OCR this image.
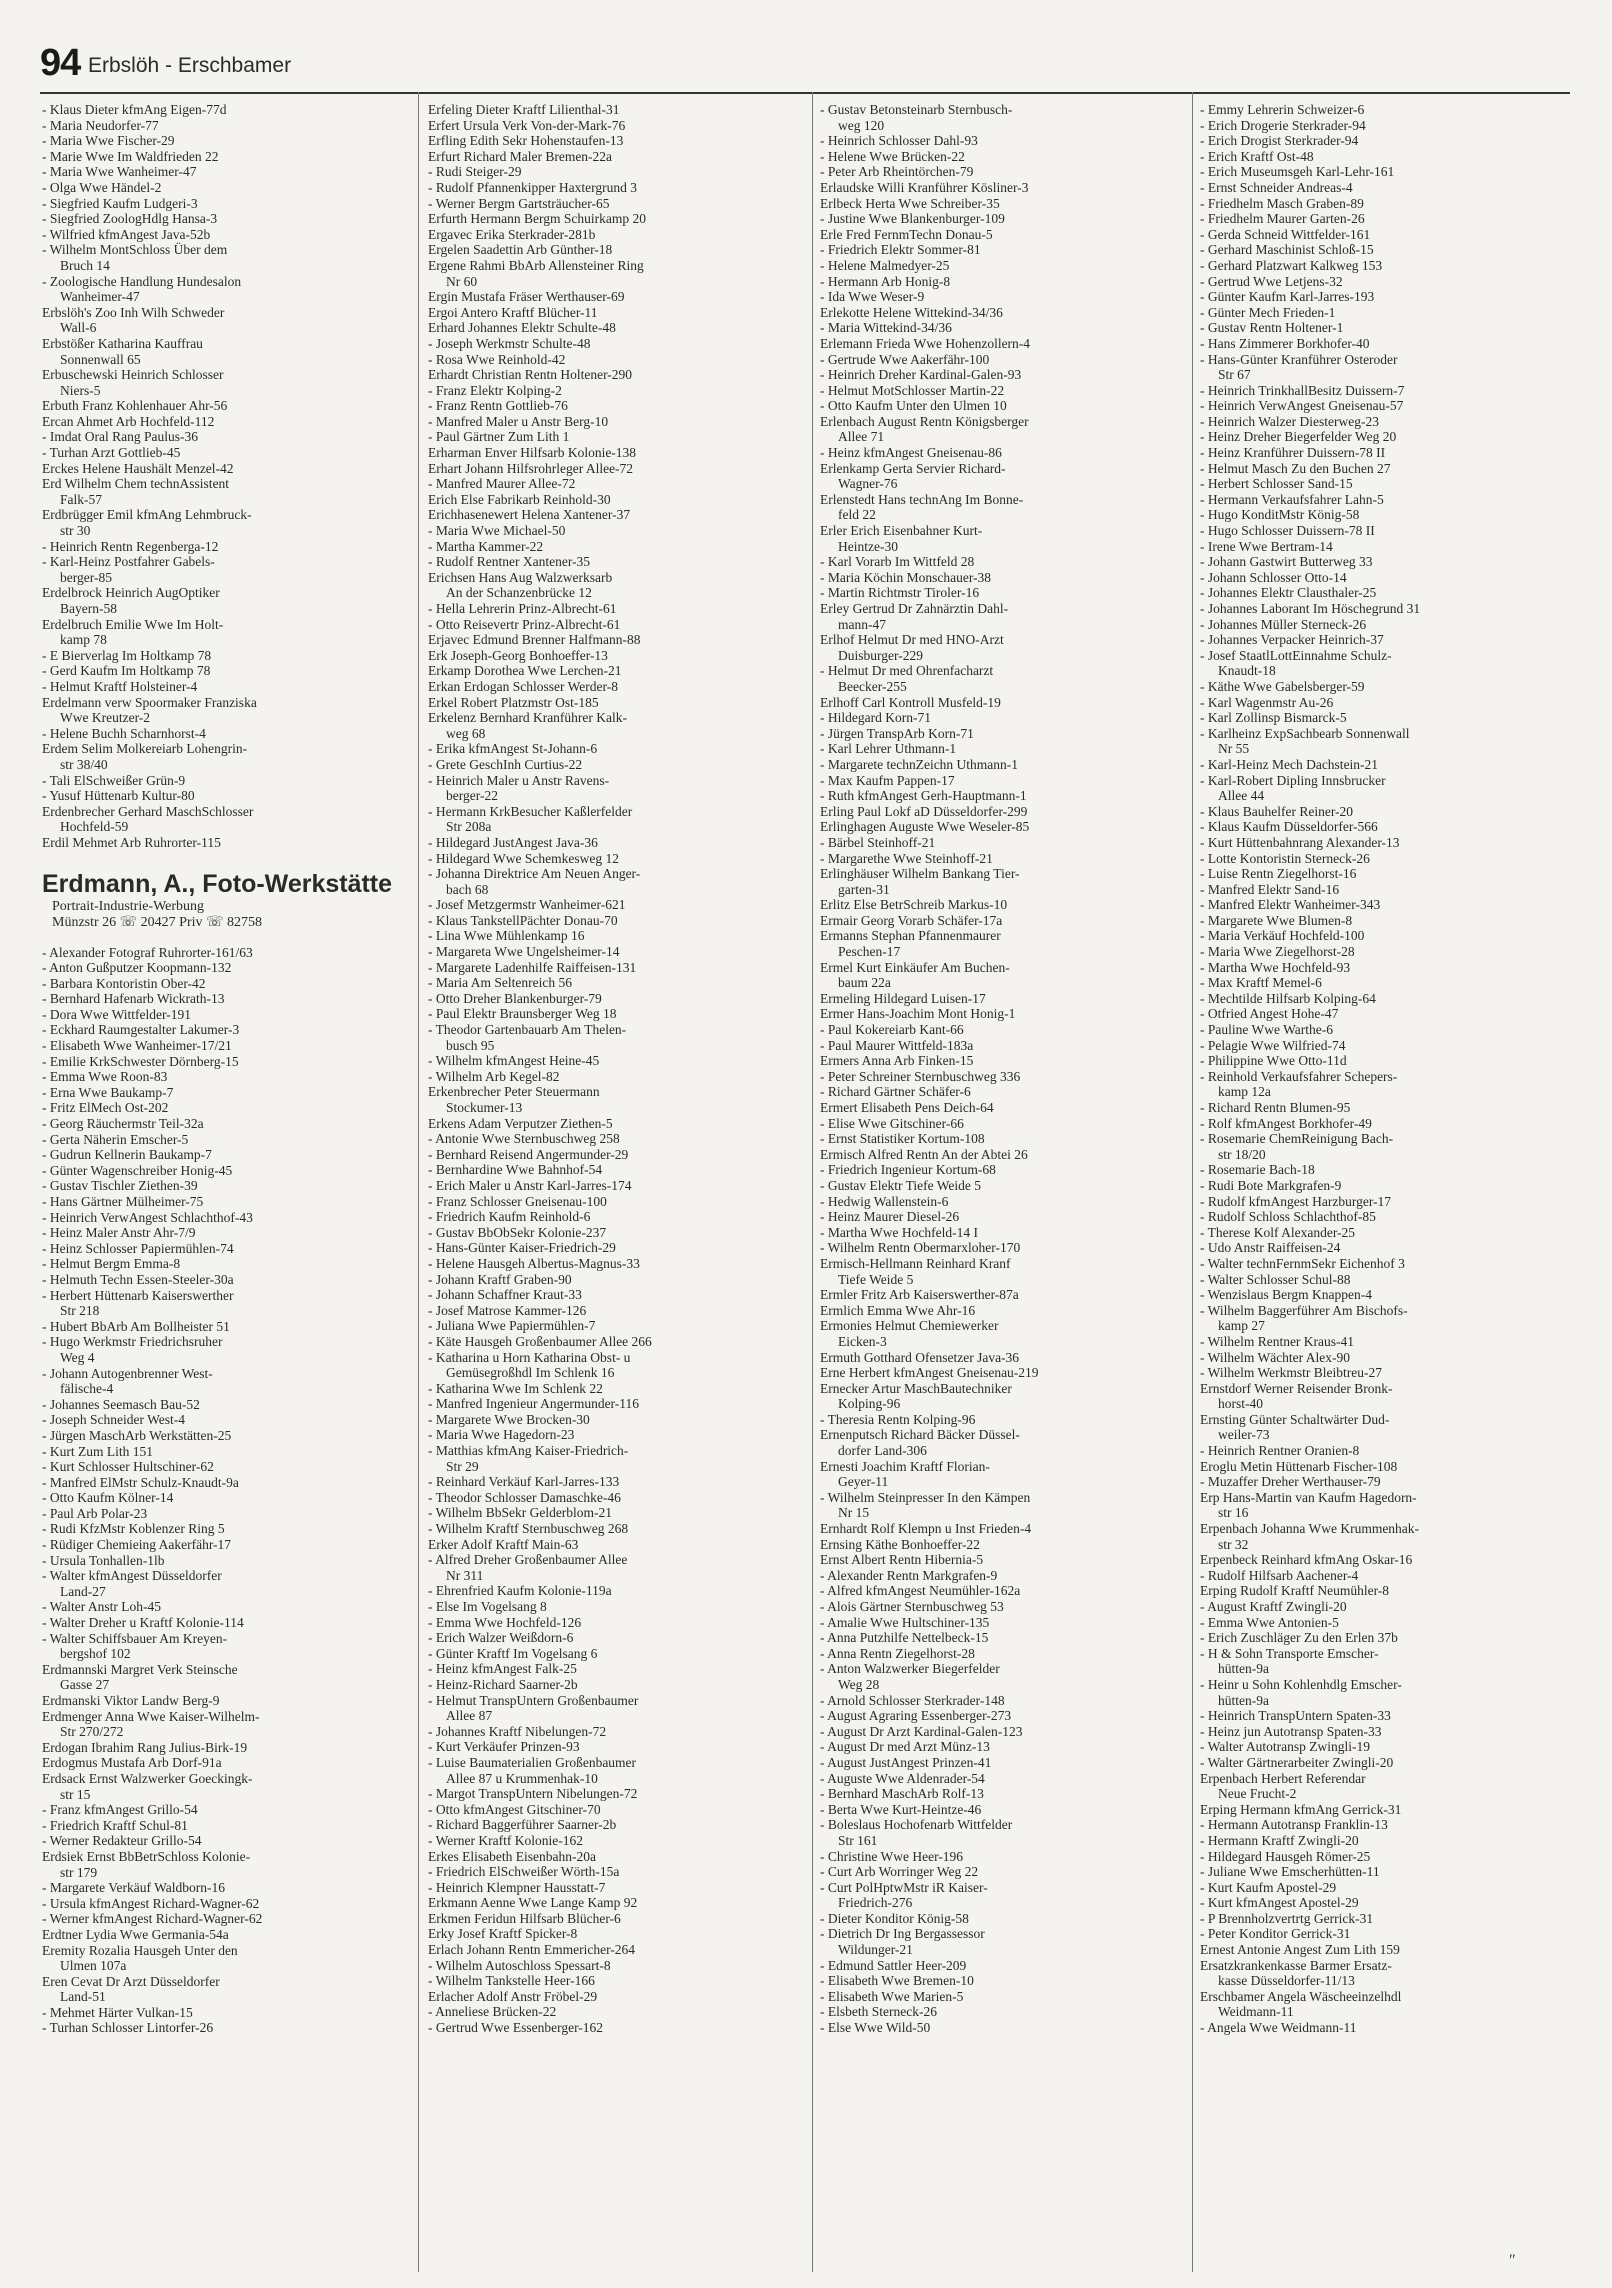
94 Erbslöh - Erschbamer
- Klaus Dieter kfmAng Eigen-77d
- Maria Neudorfer-77
- Maria Wwe Fischer-29
- Marie Wwe Im Waldfrieden 22
- Maria Wwe Wanheimer-47
- Olga Wwe Händel-2
- Siegfried Kaufm Ludgeri-3
- Siegfried ZoologHdlg Hansa-3
- Wilfried kfmAngest Java-52b
- Wilhelm MontSchloss Über dem
Bruch 14
- Zoologische Handlung Hundesalon
Wanheimer-47
Erbslöh's Zoo Inh Wilh Schweder
Wall-6
Erbstößer Katharina Kauffrau
Sonnenwall 65
Erbuschewski Heinrich Schlosser
Niers-5
Erbuth Franz Kohlenhauer Ahr-56
Ercan Ahmet Arb Hochfeld-112
- Imdat Oral Rang Paulus-36
- Turhan Arzt Gottlieb-45
Erckes Helene Haushält Menzel-42
Erd Wilhelm Chem technAssistent
Falk-57
Erdbrügger Emil kfmAng Lehmbruck-
str 30
- Heinrich Rentn Regenberga-12
- Karl-Heinz Postfahrer Gabels-
berger-85
Erdelbrock Heinrich AugOptiker
Bayern-58
Erdelbruch Emilie Wwe Im Holt-
kamp 78
- E Bierverlag Im Holtkamp 78
- Gerd Kaufm Im Holtkamp 78
- Helmut Kraftf Holsteiner-4
Erdelmann verw Spoormaker Franziska
Wwe Kreutzer-2
- Helene Buchh Scharnhorst-4
Erdem Selim Molkereiarb Lohengrin-
str 38/40
- Tali ElSchweißer Grün-9
- Yusuf Hüttenarb Kultur-80
Erdenbrecher Gerhard MaschSchlosser
Hochfeld-59
Erdil Mehmet Arb Ruhrorter-115
Erdmann, A., Foto-Werkstätte
Portrait-Industrie-Werbung
Münzstr 26 ☏ 20427 Priv ☏ 82758
- Alexander Fotograf Ruhrorter-161/63
- Anton Gußputzer Koopmann-132
- Barbara Kontoristin Ober-42
- Bernhard Hafenarb Wickrath-13
- Dora Wwe Wittfelder-191
- Eckhard Raumgestalter Lakumer-3
- Elisabeth Wwe Wanheimer-17/21
- Emilie KrkSchwester Dörnberg-15
- Emma Wwe Roon-83
- Erna Wwe Baukamp-7
- Fritz ElMech Ost-202
- Georg Räuchermstr Teil-32a
- Gerta Näherin Emscher-5
- Gudrun Kellnerin Baukamp-7
- Günter Wagenschreiber Honig-45
- Gustav Tischler Ziethen-39
- Hans Gärtner Mülheimer-75
- Heinrich VerwAngest Schlachthof-43
- Heinz Maler Anstr Ahr-7/9
- Heinz Schlosser Papiermühlen-74
- Helmut Bergm Emma-8
- Helmuth Techn Essen-Steeler-30a
- Herbert Hüttenarb Kaiserswerther
Str 218
- Hubert BbArb Am Bollheister 51
- Hugo Werkmstr Friedrichsruher
Weg 4
- Johann Autogenbrenner West-
fälische-4
- Johannes Seemasch Bau-52
- Joseph Schneider West-4
- Jürgen MaschArb Werkstätten-25
- Kurt Zum Lith 151
- Kurt Schlosser Hultschiner-62
- Manfred ElMstr Schulz-Knaudt-9a
- Otto Kaufm Kölner-14
- Paul Arb Polar-23
- Rudi KfzMstr Koblenzer Ring 5
- Rüdiger Chemieing Aakerfähr-17
- Ursula Tonhallen-1lb
- Walter kfmAngest Düsseldorfer
Land-27
- Walter Anstr Loh-45
- Walter Dreher u Kraftf Kolonie-114
- Walter Schiffsbauer Am Kreyen-
bergshof 102
Erdmannski Margret Verk Steinsche
Gasse 27
Erdmanski Viktor Landw Berg-9
Erdmenger Anna Wwe Kaiser-Wilhelm-
Str 270/272
Erdogan Ibrahim Rang Julius-Birk-19
Erdogmus Mustafa Arb Dorf-91a
Erdsack Ernst Walzwerker Goeckingk-
str 15
- Franz kfmAngest Grillo-54
- Friedrich Kraftf Schul-81
- Werner Redakteur Grillo-54
Erdsiek Ernst BbBetrSchloss Kolonie-
str 179
- Margarete Verkäuf Waldborn-16
- Ursula kfmAngest Richard-Wagner-62
- Werner kfmAngest Richard-Wagner-62
Erdtner Lydia Wwe Germania-54a
Eremity Rozalia Hausgeh Unter den
Ulmen 107a
Eren Cevat Dr Arzt Düsseldorfer
Land-51
- Mehmet Härter Vulkan-15
- Turhan Schlosser Lintorfer-26
Erfeling Dieter Kraftf Lilienthal-31
Erfert Ursula Verk Von-der-Mark-76
Erfling Edith Sekr Hohenstaufen-13
Erfurt Richard Maler Bremen-22a
- Rudi Steiger-29
- Rudolf Pfannenkipper Haxtergrund 3
- Werner Bergm Gartsträucher-65
Erfurth Hermann Bergm Schuirkamp 20
Ergavec Erika Sterkrader-281b
Ergelen Saadettin Arb Günther-18
Ergene Rahmi BbArb Allensteiner Ring
Nr 60
Ergin Mustafa Fräser Werthauser-69
Ergoi Antero Kraftf Blücher-11
Erhard Johannes Elektr Schulte-48
- Joseph Werkmstr Schulte-48
- Rosa Wwe Reinhold-42
Erhardt Christian Rentn Holtener-290
- Franz Elektr Kolping-2
- Franz Rentn Gottlieb-76
- Manfred Maler u Anstr Berg-10
- Paul Gärtner Zum Lith 1
Erharman Enver Hilfsarb Kolonie-138
Erhart Johann Hilfsrohrleger Allee-72
- Manfred Maurer Allee-72
Erich Else Fabrikarb Reinhold-30
Erichhasenewert Helena Xantener-37
- Maria Wwe Michael-50
- Martha Kammer-22
- Rudolf Rentner Xantener-35
Erichsen Hans Aug Walzwerksarb
An der Schanzenbrücke 12
- Hella Lehrerin Prinz-Albrecht-61
- Otto Reisevertr Prinz-Albrecht-61
Erjavec Edmund Brenner Halfmann-88
Erk Joseph-Georg Bonhoeffer-13
Erkamp Dorothea Wwe Lerchen-21
Erkan Erdogan Schlosser Werder-8
Erkel Robert Platzmstr Ost-185
Erkelenz Bernhard Kranführer Kalk-
weg 68
- Erika kfmAngest St-Johann-6
- Grete GeschInh Curtius-22
- Heinrich Maler u Anstr Ravens-
berger-22
- Hermann KrkBesucher Kaßlerfelder
Str 208a
- Hildegard JustAngest Java-36
- Hildegard Wwe Schemkesweg 12
- Johanna Direktrice Am Neuen Anger-
bach 68
- Josef Metzgermstr Wanheimer-621
- Klaus TankstellPächter Donau-70
- Lina Wwe Mühlenkamp 16
- Margareta Wwe Ungelsheimer-14
- Margarete Ladenhilfe Raiffeisen-131
- Maria Am Seltenreich 56
- Otto Dreher Blankenburger-79
- Paul Elektr Braunsberger Weg 18
- Theodor Gartenbauarb Am Thelen-
busch 95
- Wilhelm kfmAngest Heine-45
- Wilhelm Arb Kegel-82
Erkenbrecher Peter Steuermann
Stockumer-13
Erkens Adam Verputzer Ziethen-5
- Antonie Wwe Sternbuschweg 258
- Bernhard Reisend Angermunder-29
- Bernhardine Wwe Bahnhof-54
- Erich Maler u Anstr Karl-Jarres-174
- Franz Schlosser Gneisenau-100
- Friedrich Kaufm Reinhold-6
- Gustav BbObSekr Kolonie-237
- Hans-Günter Kaiser-Friedrich-29
- Helene Hausgeh Albertus-Magnus-33
- Johann Kraftf Graben-90
- Johann Schaffner Kraut-33
- Josef Matrose Kammer-126
- Juliana Wwe Papiermühlen-7
- Käte Hausgeh Großenbaumer Allee 266
- Katharina u Horn Katharina Obst- u
Gemüsegroßhdl Im Schlenk 16
- Katharina Wwe Im Schlenk 22
- Manfred Ingenieur Angermunder-116
- Margarete Wwe Brocken-30
- Maria Wwe Hagedorn-23
- Matthias kfmAng Kaiser-Friedrich-
Str 29
- Reinhard Verkäuf Karl-Jarres-133
- Theodor Schlosser Damaschke-46
- Wilhelm BbSekr Gelderblom-21
- Wilhelm Kraftf Sternbuschweg 268
Erker Adolf Kraftf Main-63
- Alfred Dreher Großenbaumer Allee
Nr 311
- Ehrenfried Kaufm Kolonie-119a
- Else Im Vogelsang 8
- Emma Wwe Hochfeld-126
- Erich Walzer Weißdorn-6
- Günter Kraftf Im Vogelsang 6
- Heinz kfmAngest Falk-25
- Heinz-Richard Saarner-2b
- Helmut TranspUntern Großenbaumer
Allee 87
- Johannes Kraftf Nibelungen-72
- Kurt Verkäufer Prinzen-93
- Luise Baumaterialien Großenbaumer
Allee 87 u Krummenhak-10
- Margot TranspUntern Nibelungen-72
- Otto kfmAngest Gitschiner-70
- Richard Baggerführer Saarner-2b
- Werner Kraftf Kolonie-162
Erkes Elisabeth Eisenbahn-20a
- Friedrich ElSchweißer Wörth-15a
- Heinrich Klempner Hausstatt-7
Erkmann Aenne Wwe Lange Kamp 92
Erkmen Feridun Hilfsarb Blücher-6
Erky Josef Kraftf Spicker-8
Erlach Johann Rentn Emmericher-264
- Wilhelm Autoschloss Spessart-8
- Wilhelm Tankstelle Heer-166
Erlacher Adolf Anstr Fröbel-29
- Anneliese Brücken-22
- Gertrud Wwe Essenberger-162
- Gustav Betonsteinarb Sternbusch-
weg 120
- Heinrich Schlosser Dahl-93
- Helene Wwe Brücken-22
- Peter Arb Rheintörchen-79
Erlaudske Willi Kranführer Kösliner-3
Erlbeck Herta Wwe Schreiber-35
- Justine Wwe Blankenburger-109
Erle Fred FernmTechn Donau-5
- Friedrich Elektr Sommer-81
- Helene Malmedyer-25
- Hermann Arb Honig-8
- Ida Wwe Weser-9
Erlekotte Helene Wittekind-34/36
- Maria Wittekind-34/36
Erlemann Frieda Wwe Hohenzollern-4
- Gertrude Wwe Aakerfähr-100
- Heinrich Dreher Kardinal-Galen-93
- Helmut MotSchlosser Martin-22
- Otto Kaufm Unter den Ulmen 10
Erlenbach August Rentn Königsberger
Allee 71
- Heinz kfmAngest Gneisenau-86
Erlenkamp Gerta Servier Richard-
Wagner-76
Erlenstedt Hans technAng Im Bonne-
feld 22
Erler Erich Eisenbahner Kurt-
Heintze-30
- Karl Vorarb Im Wittfeld 28
- Maria Köchin Monschauer-38
- Martin Richtmstr Tiroler-16
Erley Gertrud Dr Zahnärztin Dahl-
mann-47
Erlhof Helmut Dr med HNO-Arzt
Duisburger-229
- Helmut Dr med Ohrenfacharzt
Beecker-255
Erlhoff Carl Kontroll Musfeld-19
- Hildegard Korn-71
- Jürgen TranspArb Korn-71
- Karl Lehrer Uthmann-1
- Margarete technZeichn Uthmann-1
- Max Kaufm Pappen-17
- Ruth kfmAngest Gerh-Hauptmann-1
Erling Paul Lokf aD Düsseldorfer-299
Erlinghagen Auguste Wwe Weseler-85
- Bärbel Steinhoff-21
- Margarethe Wwe Steinhoff-21
Erlinghäuser Wilhelm Bankang Tier-
garten-31
Erlitz Else BetrSchreib Markus-10
Ermair Georg Vorarb Schäfer-17a
Ermanns Stephan Pfannenmaurer
Peschen-17
Ermel Kurt Einkäufer Am Buchen-
baum 22a
Ermeling Hildegard Luisen-17
Ermer Hans-Joachim Mont Honig-1
- Paul Kokereiarb Kant-66
- Paul Maurer Wittfeld-183a
Ermers Anna Arb Finken-15
- Peter Schreiner Sternbuschweg 336
- Richard Gärtner Schäfer-6
Ermert Elisabeth Pens Deich-64
- Elise Wwe Gitschiner-66
- Ernst Statistiker Kortum-108
Ermisch Alfred Rentn An der Abtei 26
- Friedrich Ingenieur Kortum-68
- Gustav Elektr Tiefe Weide 5
- Hedwig Wallenstein-6
- Heinz Maurer Diesel-26
- Martha Wwe Hochfeld-14 I
- Wilhelm Rentn Obermarxloher-170
Ermisch-Hellmann Reinhard Kranf
Tiefe Weide 5
Ermler Fritz Arb Kaiserswerther-87a
Ermlich Emma Wwe Ahr-16
Ermonies Helmut Chemiewerker
Eicken-3
Ermuth Gotthard Ofensetzer Java-36
Erne Herbert kfmAngest Gneisenau-219
Ernecker Artur MaschBautechniker
Kolping-96
- Theresia Rentn Kolping-96
Ernenputsch Richard Bäcker Düssel-
dorfer Land-306
Ernesti Joachim Kraftf Florian-
Geyer-11
- Wilhelm Steinpresser In den Kämpen
Nr 15
Ernhardt Rolf Klempn u Inst Frieden-4
Ernsing Käthe Bonhoeffer-22
Ernst Albert Rentn Hibernia-5
- Alexander Rentn Markgrafen-9
- Alfred kfmAngest Neumühler-162a
- Alois Gärtner Sternbuschweg 53
- Amalie Wwe Hultschiner-135
- Anna Putzhilfe Nettelbeck-15
- Anna Rentn Ziegelhorst-28
- Anton Walzwerker Biegerfelder
Weg 28
- Arnold Schlosser Sterkrader-148
- August Agraring Essenberger-273
- August Dr Arzt Kardinal-Galen-123
- August Dr med Arzt Münz-13
- August JustAngest Prinzen-41
- Auguste Wwe Aldenrader-54
- Bernhard MaschArb Rolf-13
- Berta Wwe Kurt-Heintze-46
- Boleslaus Hochofenarb Wittfelder
Str 161
- Christine Wwe Heer-196
- Curt Arb Worringer Weg 22
- Curt PolHptwMstr iR Kaiser-
Friedrich-276
- Dieter Konditor König-58
- Dietrich Dr Ing Bergassessor
Wildunger-21
- Edmund Sattler Heer-209
- Elisabeth Wwe Bremen-10
- Elisabeth Wwe Marien-5
- Elsbeth Sterneck-26
- Else Wwe Wild-50
- Emmy Lehrerin Schweizer-6
- Erich Drogerie Sterkrader-94
- Erich Drogist Sterkrader-94
- Erich Kraftf Ost-48
- Erich Museumsgeh Karl-Lehr-161
- Ernst Schneider Andreas-4
- Friedhelm Masch Graben-89
- Friedhelm Maurer Garten-26
- Gerda Schneid Wittfelder-161
- Gerhard Maschinist Schloß-15
- Gerhard Platzwart Kalkweg 153
- Gertrud Wwe Letjens-32
- Günter Kaufm Karl-Jarres-193
- Günter Mech Frieden-1
- Gustav Rentn Holtener-1
- Hans Zimmerer Borkhofer-40
- Hans-Günter Kranführer Osteroder
Str 67
- Heinrich TrinkhallBesitz Duissern-7
- Heinrich VerwAngest Gneisenau-57
- Heinrich Walzer Diesterweg-23
- Heinz Dreher Biegerfelder Weg 20
- Heinz Kranführer Duissern-78 II
- Helmut Masch Zu den Buchen 27
- Herbert Schlosser Sand-15
- Hermann Verkaufsfahrer Lahn-5
- Hugo KonditMstr König-58
- Hugo Schlosser Duissern-78 II
- Irene Wwe Bertram-14
- Johann Gastwirt Butterweg 33
- Johann Schlosser Otto-14
- Johannes Elektr Clausthaler-25
- Johannes Laborant Im Höschegrund 31
- Johannes Müller Sterneck-26
- Johannes Verpacker Heinrich-37
- Josef StaatlLottEinnahme Schulz-
Knaudt-18
- Käthe Wwe Gabelsberger-59
- Karl Wagenmstr Au-26
- Karl Zollinsp Bismarck-5
- Karlheinz ExpSachbearb Sonnenwall
Nr 55
- Karl-Heinz Mech Dachstein-21
- Karl-Robert Dipling Innsbrucker
Allee 44
- Klaus Bauhelfer Reiner-20
- Klaus Kaufm Düsseldorfer-566
- Kurt Hüttenbahnrang Alexander-13
- Lotte Kontoristin Sterneck-26
- Luise Rentn Ziegelhorst-16
- Manfred Elektr Sand-16
- Manfred Elektr Wanheimer-343
- Margarete Wwe Blumen-8
- Maria Verkäuf Hochfeld-100
- Maria Wwe Ziegelhorst-28
- Martha Wwe Hochfeld-93
- Max Kraftf Memel-6
- Mechtilde Hilfsarb Kolping-64
- Otfried Angest Hohe-47
- Pauline Wwe Warthe-6
- Pelagie Wwe Wilfried-74
- Philippine Wwe Otto-11d
- Reinhold Verkaufsfahrer Schepers-
kamp 12a
- Richard Rentn Blumen-95
- Rolf kfmAngest Borkhofer-49
- Rosemarie ChemReinigung Bach-
str 18/20
- Rosemarie Bach-18
- Rudi Bote Markgrafen-9
- Rudolf kfmAngest Harzburger-17
- Rudolf Schloss Schlachthof-85
- Therese Kolf Alexander-25
- Udo Anstr Raiffeisen-24
- Walter technFernmSekr Eichenhof 3
- Walter Schlosser Schul-88
- Wenzislaus Bergm Knappen-4
- Wilhelm Baggerführer Am Bischofs-
kamp 27
- Wilhelm Rentner Kraus-41
- Wilhelm Wächter Alex-90
- Wilhelm Werkmstr Bleibtreu-27
Ernstdorf Werner Reisender Bronk-
horst-40
Ernsting Günter Schaltwärter Dud-
weiler-73
- Heinrich Rentner Oranien-8
Eroglu Metin Hüttenarb Fischer-108
- Muzaffer Dreher Werthauser-79
Erp Hans-Martin van Kaufm Hagedorn-
str 16
Erpenbach Johanna Wwe Krummenhak-
str 32
Erpenbeck Reinhard kfmAng Oskar-16
- Rudolf Hilfsarb Aachener-4
Erping Rudolf Kraftf Neumühler-8
- August Kraftf Zwingli-20
- Emma Wwe Antonien-5
- Erich Zuschläger Zu den Erlen 37b
- H & Sohn Transporte Emscher-
hütten-9a
- Heinr u Sohn Kohlenhdlg Emscher-
hütten-9a
- Heinrich TranspUntern Spaten-33
- Heinz jun Autotransp Spaten-33
- Walter Autotransp Zwingli-19
- Walter Gärtnerarbeiter Zwingli-20
Erpenbach Herbert Referendar
Neue Frucht-2
Erping Hermann kfmAng Gerrick-31
- Hermann Autotransp Franklin-13
- Hermann Kraftf Zwingli-20
- Hildegard Hausgeh Römer-25
- Juliane Wwe Emscherhütten-11
- Kurt Kaufm Apostel-29
- Kurt kfmAngest Apostel-29
- P Brennholzvertrtg Gerrick-31
- Peter Konditor Gerrick-31
Ernest Antonie Angest Zum Lith 159
Ersatzkrankenkasse Barmer Ersatz-
kasse Düsseldorfer-11/13
Erschbamer Angela Wäscheeinzelhdl
Weidmann-11
- Angela Wwe Weidmann-11
″
